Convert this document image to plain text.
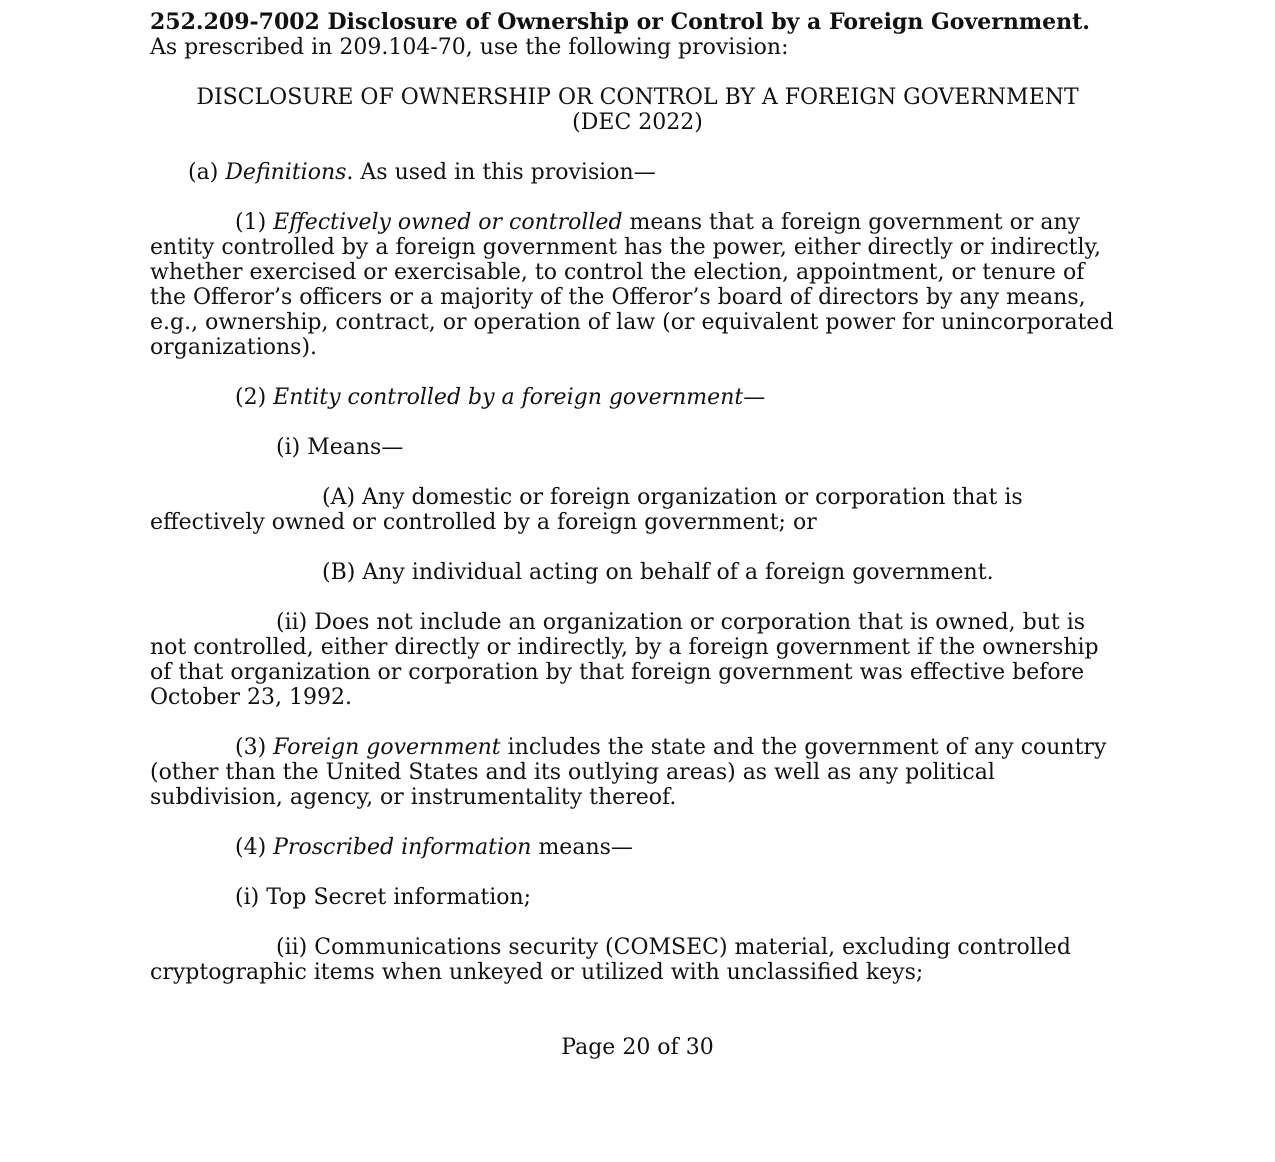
252.209-7002 Disclosure of Ownership or Control by a Foreign Government.

As prescribed in 209.104-70, use the following provision:

DISCLOSURE OF OWNERSHIP OR CONTROL BY A FOREIGN GOVERNMENT

(DEC 2022)

(a) Definitions. As used in this provision—

(1) Effectively owned or controlled means that a foreign government or any entity controlled by a foreign government has the power, either directly or indirectly, whether exercised or exercisable, to control the election, appointment, or tenure of the Offeror’s officers or a majority of the Offeror’s board of directors by any means, e.g., ownership, contract, or operation of law (or equivalent power for unincorporated organizations).

(2) Entity controlled by a foreign government—

(i) Means—

(A) Any domestic or foreign organization or corporation that is effectively owned or controlled by a foreign government; or

(B) Any individual acting on behalf of a foreign government.

(ii) Does not include an organization or corporation that is owned, but is not controlled, either directly or indirectly, by a foreign government if the ownership of that organization or corporation by that foreign government was effective before October 23, 1992.

(3) Foreign government includes the state and the government of any country (other than the United States and its outlying areas) as well as any political subdivision, agency, or instrumentality thereof.

(4) Proscribed information means—

(i) Top Secret information;

(ii) Communications security (COMSEC) material, excluding controlled cryptographic items when unkeyed or utilized with unclassified keys;

Page 20 of 30
